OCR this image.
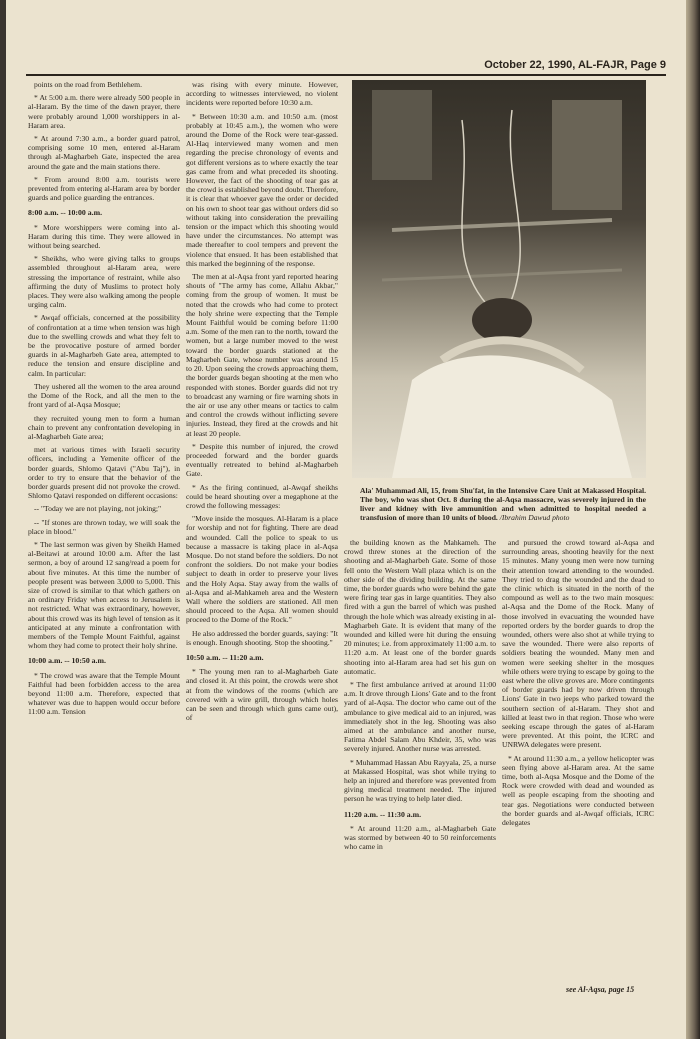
October 22, 1990, AL-FAJR, Page 9

points on the road from Bethlehem.

* At 5:00 a.m. there were already 500 people in al-Haram. By the time of the dawn prayer, there were probably around 1,000 worshippers in al-Haram area.

* At around 7:30 a.m., a border guard patrol, comprising some 10 men, entered al-Haram through al-Magharbeh Gate, inspected the area around the gate and the main stations there.

* From around 8:00 a.m. tourists were prevented from entering al-Haram area by border guards and police guarding the entrances.

8:00 a.m. -- 10:00 a.m.

* More worshippers were coming into al-Haram during this time. They were allowed in without being searched.

* Sheikhs, who were giving talks to groups assembled throughout al-Haram area, were stressing the importance of restraint, while also affirming the duty of Muslims to protect holy places. They were also walking among the people urging calm.

* Awqaf officials, concerned at the possibility of confrontation at a time when tension was high due to the swelling crowds and what they felt to be the provocative posture of armed border guards in al-Magharbeh Gate area, attempted to reduce the tension and ensure discipline and calm. In particular:

They ushered all the women to the area around the Dome of the Rock, and all the men to the front yard of al-Aqsa Mosque;

they recruited young men to form a human chain to prevent any confrontation developing in al-Magharbeh Gate area;

met at various times with Israeli security officers, including a Yemenite officer of the border guards, Shlomo Qatavi ("Abu Taj"), in order to try to ensure that the behavior of the border guards present did not provoke the crowd. Shlomo Qatavi responded on different occasions:

-- "Today we are not playing, not joking;"

-- "If stones are thrown today, we will soak the place in blood."

* The last sermon was given by Sheikh Hamed al-Beitawi at around 10:00 a.m. After the last sermon, a boy of around 12 sang/read a poem for about five minutes. At this time the number of people present was between 3,000 to 5,000. This size of crowd is similar to that which gathers on an ordinary Friday when access to Jerusalem is not restricted. What was extraordinary, however, about this crowd was its high level of tension as it anticipated at any minute a confrontation with members of the Temple Mount Faithful, against whom they had come to protect their holy shrine.

10:00 a.m. -- 10:50 a.m.

* The crowd was aware that the Temple Mount Faithful had been forbidden access to the area beyond 11:00 a.m. Therefore, expected that whatever was due to happen would occur before 11:00 a.m. Tension

was rising with every minute. However, according to witnesses interviewed, no violent incidents were reported before 10:30 a.m.

* Between 10:30 a.m. and 10:50 a.m. (most probably at 10:45 a.m.), the women who were around the Dome of the Rock were tear-gassed. Al-Haq interviewed many women and men regarding the precise chronology of events and got different versions as to where exactly the tear gas came from and what preceded its shooting. However, the fact of the shooting of tear gas at the crowd is established beyond doubt. Therefore, it is clear that whoever gave the order or decided on his own to shoot tear gas without orders did so without taking into consideration the prevailing tension or the impact which this shooting would have under the circumstances. No attempt was made thereafter to cool tempers and prevent the violence that ensued. It has been established that this marked the beginning of the response.

The men at al-Aqsa front yard reported hearing shouts of "The army has come, Allahu Akbar," coming from the group of women. It must be noted that the crowds who had come to protect the holy shrine were expecting that the Temple Mount Faithful would be coming before 11:00 a.m. Some of the men ran to the north, toward the women, but a large number moved to the west toward the border guards stationed at the Magharbeh Gate, whose number was around 15 to 20. Upon seeing the crowds approaching them, the border guards began shooting at the men who responded with stones. Border guards did not try to broadcast any warning or fire warning shots in the air or use any other means or tactics to calm and control the crowds without inflicting severe injuries. Instead, they fired at the crowds and hit at least 20 people.

* Despite this number of injured, the crowd proceeded forward and the border guards eventually retreated to behind al-Magharbeh Gate.

* As the firing continued, al-Awqaf sheikhs could be heard shouting over a megaphone at the crowd the following messages:

"Move inside the mosques. Al-Haram is a place for worship and not for fighting. There are dead and wounded. Call the police to speak to us because a massacre is taking place in al-Aqsa Mosque. Do not stand before the soldiers. Do not confront the soldiers. Do not make your bodies subject to death in order to preserve your lives and the Holy Aqsa. Stay away from the walls of al-Aqsa and al-Mahkameh area and the Western Wall where the soldiers are stationed. All men should proceed to the Aqsa. All women should proceed to the Dome of the Rock."

He also addressed the border guards, saying: "It is enough. Enough shooting. Stop the shooting."

10:50 a.m. -- 11:20 a.m.

* The young men ran to al-Magharbeh Gate and closed it. At this point, the crowds were shot at from the windows of the rooms (which are covered with a wire grill, through which holes can be seen and through which guns came out), of

Ala' Muhammad Ali, 15, from Shu'fat, in the Intensive Care Unit at Makassed Hospital. The boy, who was shot Oct. 8 during the al-Aqsa massacre, was severely injured in the liver and kidney with live ammunition and when admitted to hospital needed a transfusion of more than 10 units of blood. /Ibrahim Dawud photo

the building known as the Mahkameh. The crowd threw stones at the direction of the shooting and al-Magharbeh Gate. Some of those fell onto the Western Wall plaza which is on the other side of the dividing building. At the same time, the border guards who were behind the gate were firing tear gas in large quantities. They also fired with a gun the barrel of which was pushed through the hole which was already existing in al-Magharbeh Gate. It is evident that many of the wounded and killed were hit during the ensuing 20 minutes; i.e. from approximately 11:00 a.m. to 11:20 a.m. At least one of the border guards shooting into al-Haram area had set his gun on automatic.

* The first ambulance arrived at around 11:00 a.m. It drove through Lions' Gate and to the front yard of al-Aqsa. The doctor who came out of the ambulance to give medical aid to an injured, was immediately shot in the leg. Shooting was also aimed at the ambulance and another nurse, Fatima Abdel Salam Abu Khdeir, 35, who was severely injured. Another nurse was arrested.

* Muhammad Hassan Abu Rayyala, 25, a nurse at Makassed Hospital, was shot while trying to help an injured and therefore was prevented from giving medical treatment needed. The injured person he was trying to help later died.

11:20 a.m. -- 11:30 a.m.

* At around 11:20 a.m., al-Magharbeh Gate was stormed by between 40 to 50 reinforcements who came in

and pursued the crowd toward al-Aqsa and surrounding areas, shooting heavily for the next 15 minutes. Many young men were now turning their attention toward attending to the wounded. They tried to drag the wounded and the dead to the clinic which is situated in the north of the compound as well as to the two main mosques: al-Aqsa and the Dome of the Rock. Many of those involved in evacuating the wounded have reported orders by the border guards to drop the wounded, others were also shot at while trying to save the wounded. There were also reports of soldiers beating the wounded. Many men and women were seeking shelter in the mosques while others were trying to escape by going to the east where the olive groves are. More contingents of border guards had by now driven through Lions' Gate in two jeeps who parked toward the southern section of al-Haram. They shot and killed at least two in that region. Those who were seeking escape through the gates of al-Haram were prevented. At this point, the ICRC and UNRWA delegates were present.

* At around 11:30 a.m., a yellow helicopter was seen flying above al-Haram area. At the same time, both al-Aqsa Mosque and the Dome of the Rock were crowded with dead and wounded as well as people escaping from the shooting and tear gas. Negotiations were conducted between the border guards and al-Awqaf officials, ICRC delegates

see Al-Aqsa, page 15
